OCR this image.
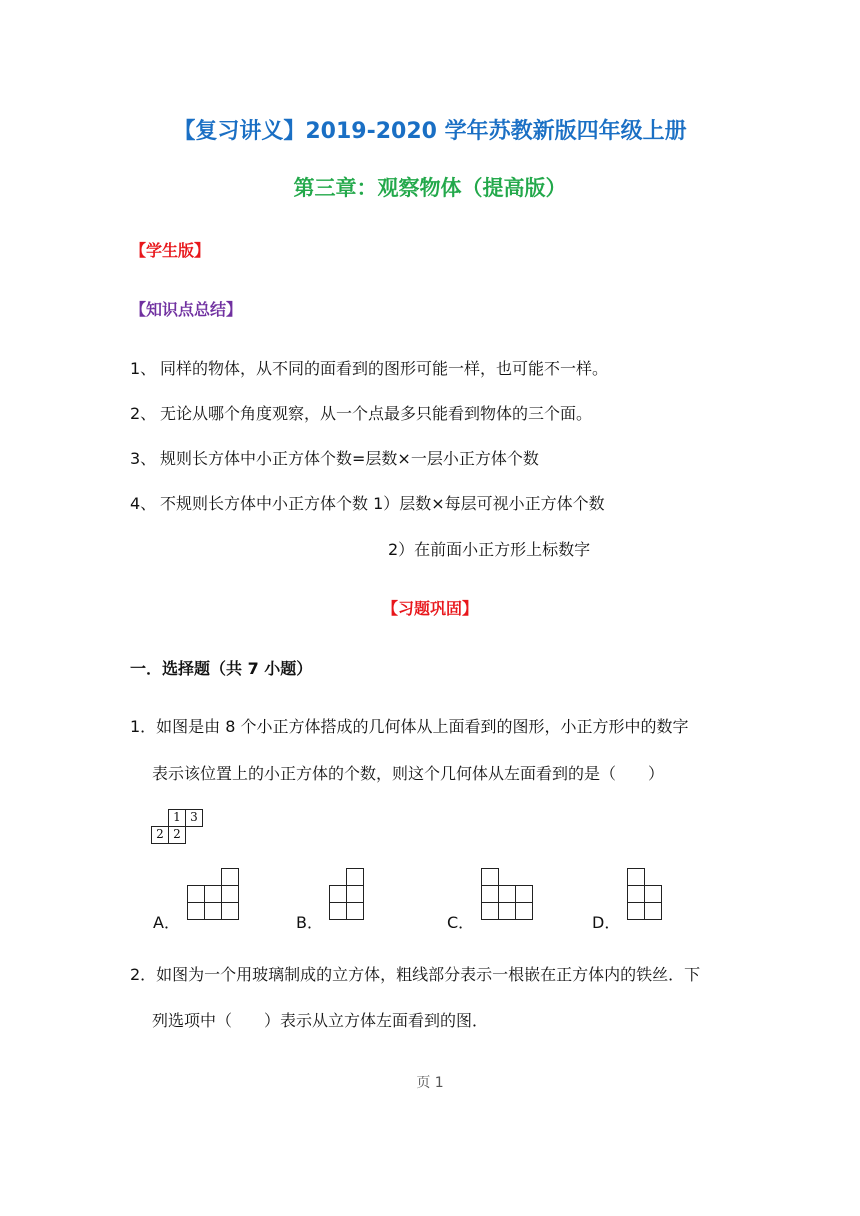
【复习讲义】2019-2020 学年苏教新版四年级上册
第三章：观察物体（提高版）
【学生版】
【知识点总结】
1、 同样的物体，从不同的面看到的图形可能一样，也可能不一样。
2、 无论从哪个角度观察，从一个点最多只能看到物体的三个面。
3、 规则长方体中小正方体个数=层数×一层小正方体个数
4、 不规则长方体中小正方体个数 1）层数×每层可视小正方体个数
2）在前面小正方形上标数字
【习题巩固】
一．选择题（共 7 小题）
1．如图是由 8 个小正方体搭成的几何体从上面看到的图形，小正方形中的数字
表示该位置上的小正方体的个数，则这个几何体从左面看到的是（　　）
1 3
2 2
A．	B．	C．	D．
2．如图为一个用玻璃制成的立方体，粗线部分表示一根嵌在正方体内的铁丝．下
列选项中（　　）表示从立方体左面看到的图．
页 1
